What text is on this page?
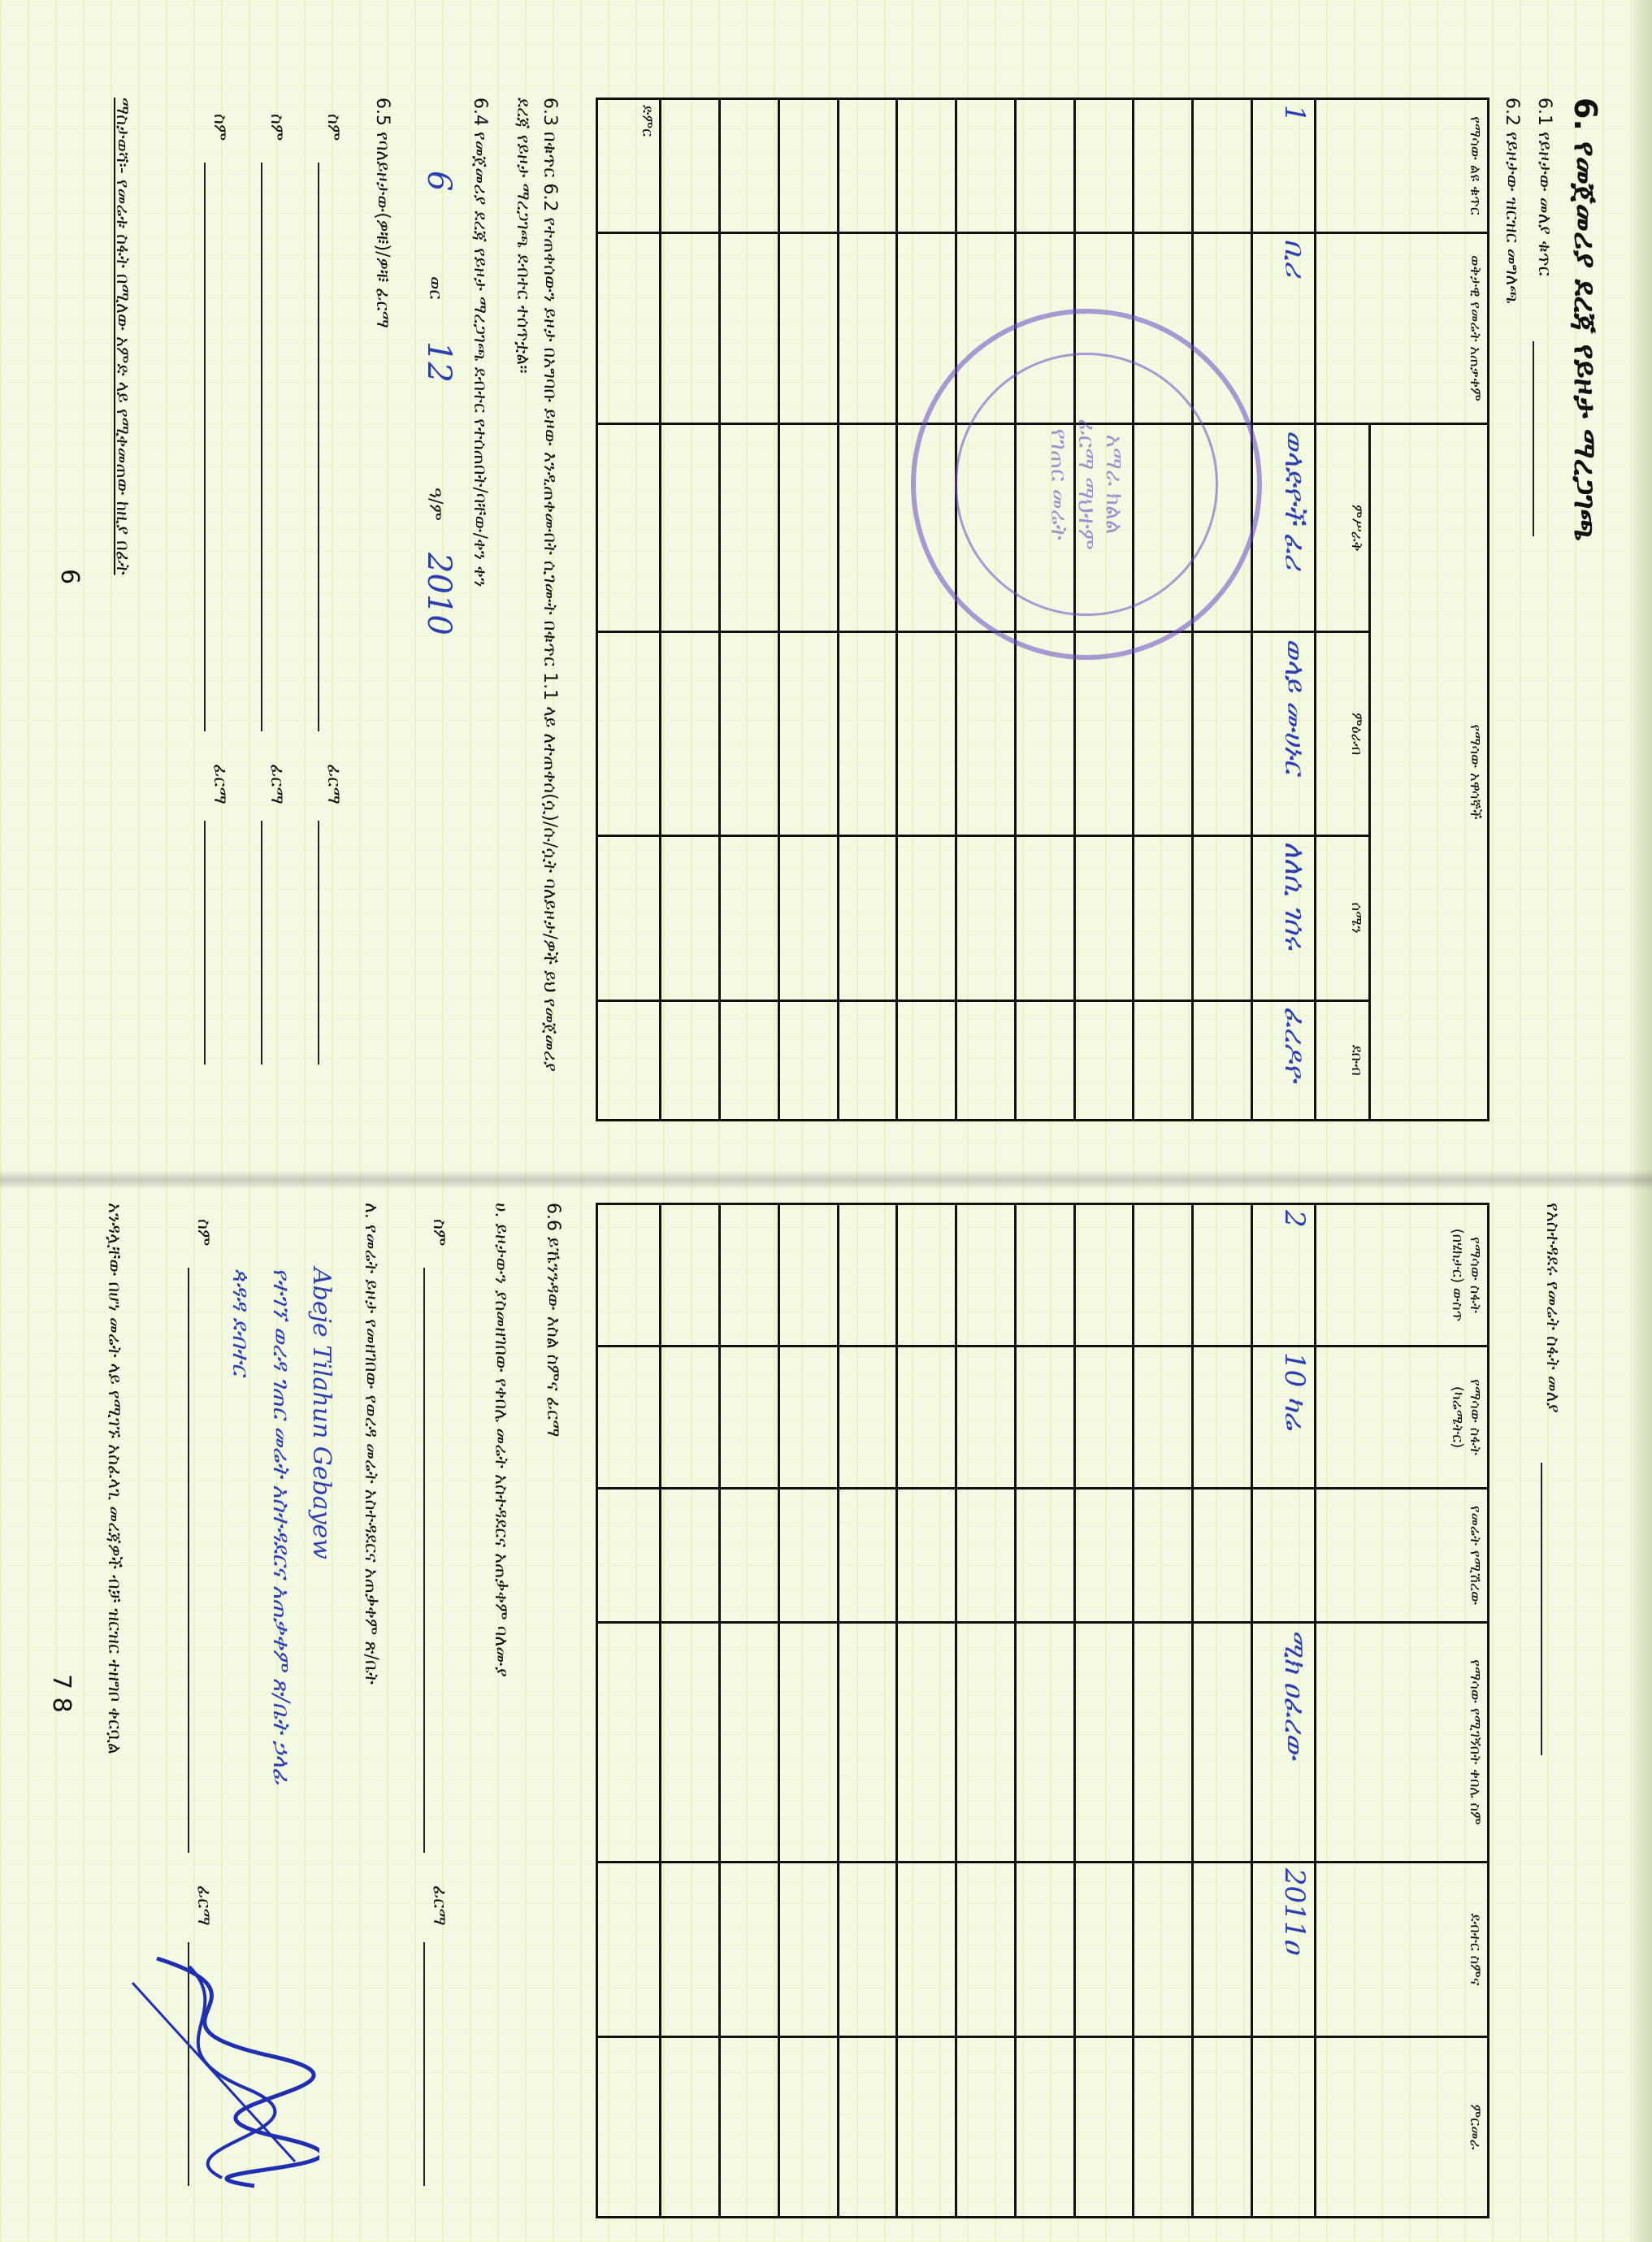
6. የመጀመሪያ ደረጃ የይዞታ ማረጋገጫ
6.1 የይዞታው መለያ ቁጥር
6.2 የይዞታው ዝርዝር መግለጫ
የማሳው ልዩ ቁጥር	ወቅታዊ የመሬት አጠቃቀም	የማሳው አዋሳኞች			
		ምሥራቅ	ምዕራብ	ሰሜን	ደቡብ
1	ቢሪ	ወላድዮች ፈሪ	ወላይ ሙሀኑር	ለለሲ ገሰሩ	ፈረዶዮ

ድምር					
አማራ ክልል
ፊርማ ማህተም
የገጠር መሬት
6.3 በቁጥር 6.2 የተጠቀሰውን ይዞታ በአግባቡ ይዞው እንዲጠቀሙበት ሲገሙት በቁጥር 1.1 ላይ ለተጠቀሰ(ሷ)/ሱ/ሷት ባለይዞታ/ዎች ይህ የመጀመሪያ ደረጃ የይዞታ ማረጋገጫ ደብተር ተሰጥቷል፡፡
6.4 የመጀመሪያ ደረጃ የይዞታ ማረጋገጫ ደብተር የተሰጠበት/ባቸው/ቀን ቀን
6
ወር
12
ዓ/ም
2010
6.5 የባለይዞታው(ዎቹ)/ዎቹ ፊርማ
ስም
ፊርማ
ስም
ፊርማ
ስም
ፊርማ
ማስታወሻ፡- የመሬቱ ስፋት በሚለው አምድ ላይ የሚቀመጠው ከዚያ በፊት
6
የአስተዳደሩ የመሬት ስፋት መለያ
የማሳው ስፋት (በሄክታር) ውስጥ	የማሳው ስፋት (ካሬሜትር)	የመሬት የሚሽረው	የማሳው የሚገኝበት ቀበሌ ስም	ደብተር ስምና	ምርመራ
2	10 ካሬ		ሚክ ዐፈረው	2011ዐ	

6.6 ይኼንንዳው እስል ስምና ፊርማ
ሀ. ይዞታውን ያስመዘገበው የቀበሌ መሬት አስተዳደርና አጠቃቀም ባለሙያ
ስም
ፊርማ
ለ. የመሬት ይዞታ የመዘገበው የወረዳ መሬት አስተዳደርና አጠቃቀም ጽ/ቤት
Abeje Tilahun Gebayew
የተገኘ ወረዳ ገጠር መሬት አስተዳደርና አጠቃቀም ጽ/ቤት ኃላፊ
ጳዳዳ ደብተር
ስም
ፊርማ
አንዳሏቸው በሆነ መሬት ላይ የሚገኙ አስፈላጊ መረጃዎች ብቻ ዝርዝር ተዘግቦ ቀርቧል
7 8
